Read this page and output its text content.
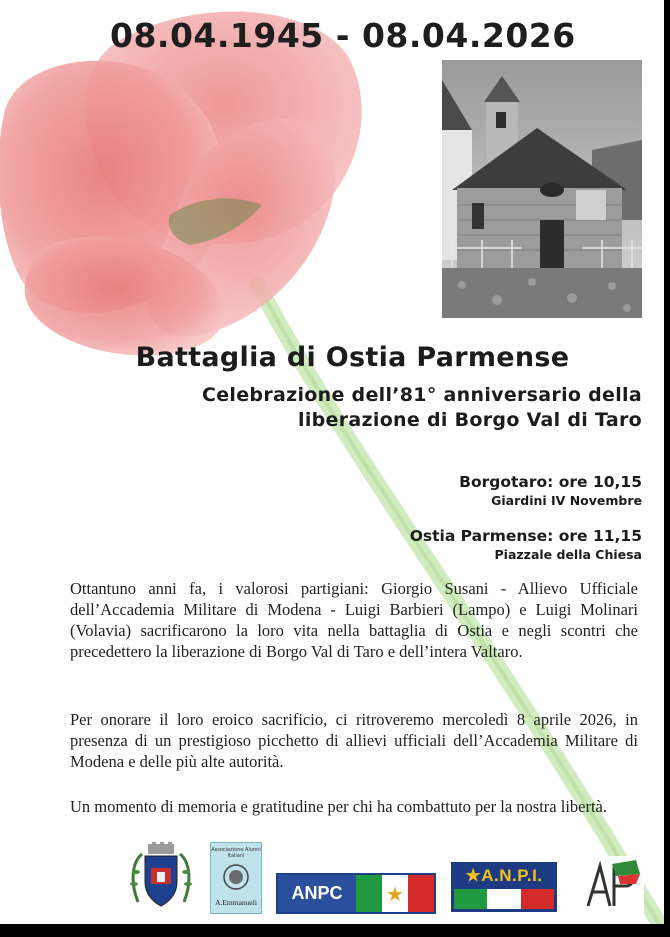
08.04.1945 - 08.04.2026
Battaglia di Ostia Parmense
Celebrazione dell’81° anniversario della
liberazione di Borgo Val di Taro
Borgotaro: ore 10,15
Giardini IV Novembre
Ostia Parmense: ore 11,15
Piazzale della Chiesa
Ottantuno anni fa, i valorosi partigiani: Giorgio Susani - Allievo Ufficiale dell’Accademia Militare di Modena - Luigi Barbieri (Lampo) e Luigi Molinari (Volavia) sacrificarono la loro vita nella battaglia di Ostia e negli scontri che precedettero la liberazione di Borgo Val di Taro e dell’intera Valtaro.
Per onorare il loro eroico sacrificio, ci ritroveremo mercoledì 8 aprile 2026, in presenza di un prestigioso picchetto di allievi ufficiali dell’Accademia Militare di Modena e delle più alte autorità.
Un momento di memoria e gratitudine per chi ha combattuto per la nostra libertà.
Associazione Alunni Italiani
A.Emmanueli	ANPC	★
★A.N.P.I.
